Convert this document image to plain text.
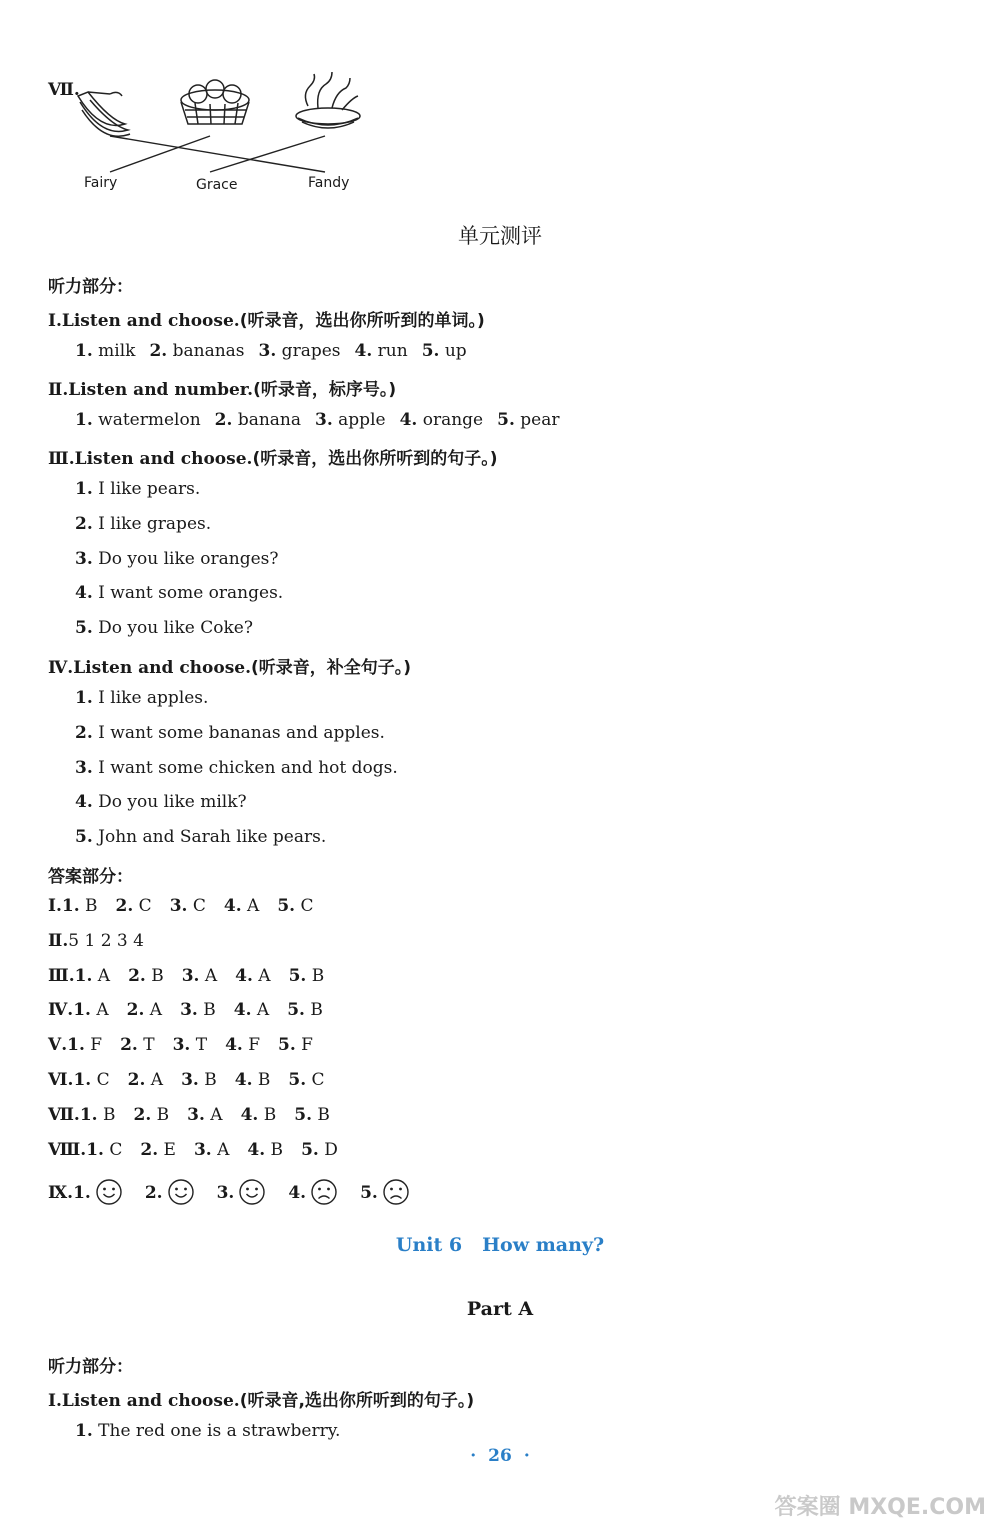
Ⅶ.
Fairy	Grace	Fandy
单元测评
听力部分：
Ⅰ.Listen and choose.(听录音，选出你所听到的单词。)
1. milk 2. bananas 3. grapes 4. run 5. up
Ⅱ.Listen and number.(听录音，标序号。)
1. watermelon 2. banana 3. apple 4. orange 5. pear
Ⅲ.Listen and choose.(听录音，选出你所听到的句子。)
1. I like pears.
2. I like grapes.
3. Do you like oranges?
4. I want some oranges.
5. Do you like Coke?
Ⅳ.Listen and choose.(听录音，补全句子。)
1. I like apples.
2. I want some bananas and apples.
3. I want some chicken and hot dogs.
4. Do you like milk?
5. John and Sarah like pears.
答案部分：
Ⅰ.1. B 2. C 3. C 4. A 5. C
Ⅱ.5 1 2 3 4
Ⅲ.1. A 2. B 3. A 4. A 5. B
Ⅳ.1. A 2. A 3. B 4. A 5. B
Ⅴ.1. F 2. T 3. T 4. F 5. F
Ⅵ.1. C 2. A 3. B 4. B 5. C
Ⅶ.1. B 2. B 3. A 4. B 5. B
Ⅷ.1. C 2. E 3. A 4. B 5. D
Ⅸ.1.	2.	3.	4.	5.
Unit 6 How many?
Part A
听力部分：
Ⅰ.Listen and choose.(听录音,选出你所听到的句子。)
1. The red one is a strawberry.
· 26 ·
答案圈 MXQE.COM
